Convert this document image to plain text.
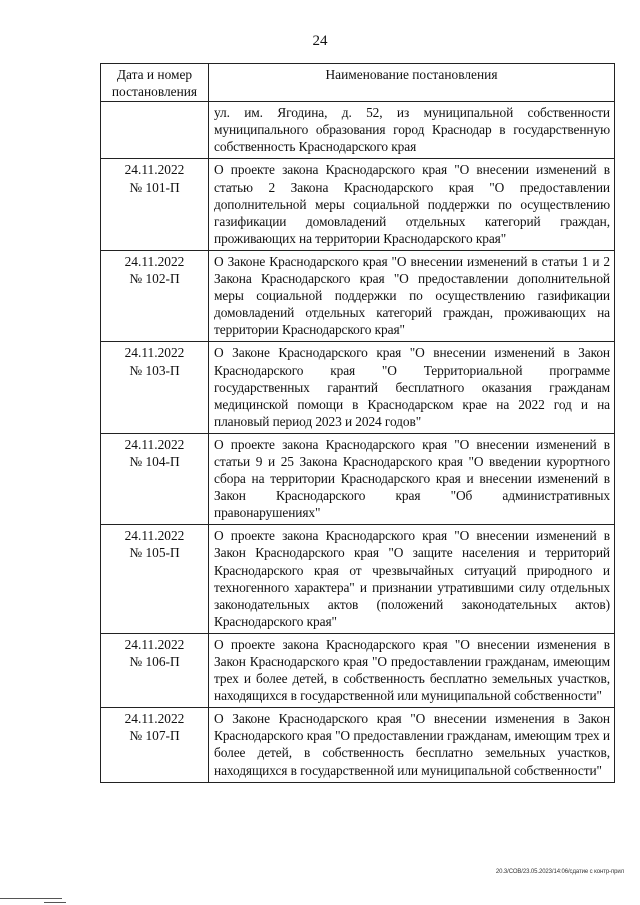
24
Дата и номер постановления	Наименование постановления
	ул. им. Ягодина, д. 52, из муниципальной собственности муниципального образования город Краснодар в государственную собственность Краснодарского края

24.11.2022
№ 101-П	О проекте закона Краснодарского края "О внесении изменений в статью 2 Закона Краснодарского края "О предоставлении дополнительной меры социальной поддержки по осуществлению газификации домовладений отдельных категорий граждан, проживающих на территории Краснодарского края"

24.11.2022
№ 102-П	О Законе Краснодарского края "О внесении изменений в статьи 1 и 2 Закона Краснодарского края "О предоставлении дополнительной меры социальной поддержки по осуществлению газификации домовладений отдельных категорий граждан, проживающих на территории Краснодарского края"

24.11.2022
№ 103-П	О Законе Краснодарского края "О внесении изменений в Закон Краснодарского края "О Территориальной программе государственных гарантий бесплатного оказания гражданам медицинской помощи в Краснодарском крае на 2022 год и на плановый период 2023 и 2024 годов"

24.11.2022
№ 104-П	О проекте закона Краснодарского края "О внесении изменений в статьи 9 и 25 Закона Краснодарского края "О введении курортного сбора на территории Краснодарского края и внесении изменений в Закон Краснодарского края "Об административных правонарушениях"

24.11.2022
№ 105-П	О проекте закона Краснодарского края "О внесении изменений в Закон Краснодарского края "О защите населения и территорий Краснодарского края от чрезвычайных ситуаций природного и техногенного характера" и признании утратившими силу отдельных законодательных актов (положений законодательных актов) Краснодарского края"

24.11.2022
№ 106-П	О проекте закона Краснодарского края "О внесении изменения в Закон Краснодарского края "О предоставлении гражданам, имеющим трех и более детей, в собственность бесплатно земельных участков, находящихся в государственной или муниципальной собственности"

24.11.2022
№ 107-П	О Законе Краснодарского края "О внесении изменения в Закон Краснодарского края "О предоставлении гражданам, имеющим трех и более детей, в собственность бесплатно земельных участков, находящихся в государственной или муниципальной собственности"
20.3/СОВ/23.05.2023/14:06/сдатие с контр-прил
